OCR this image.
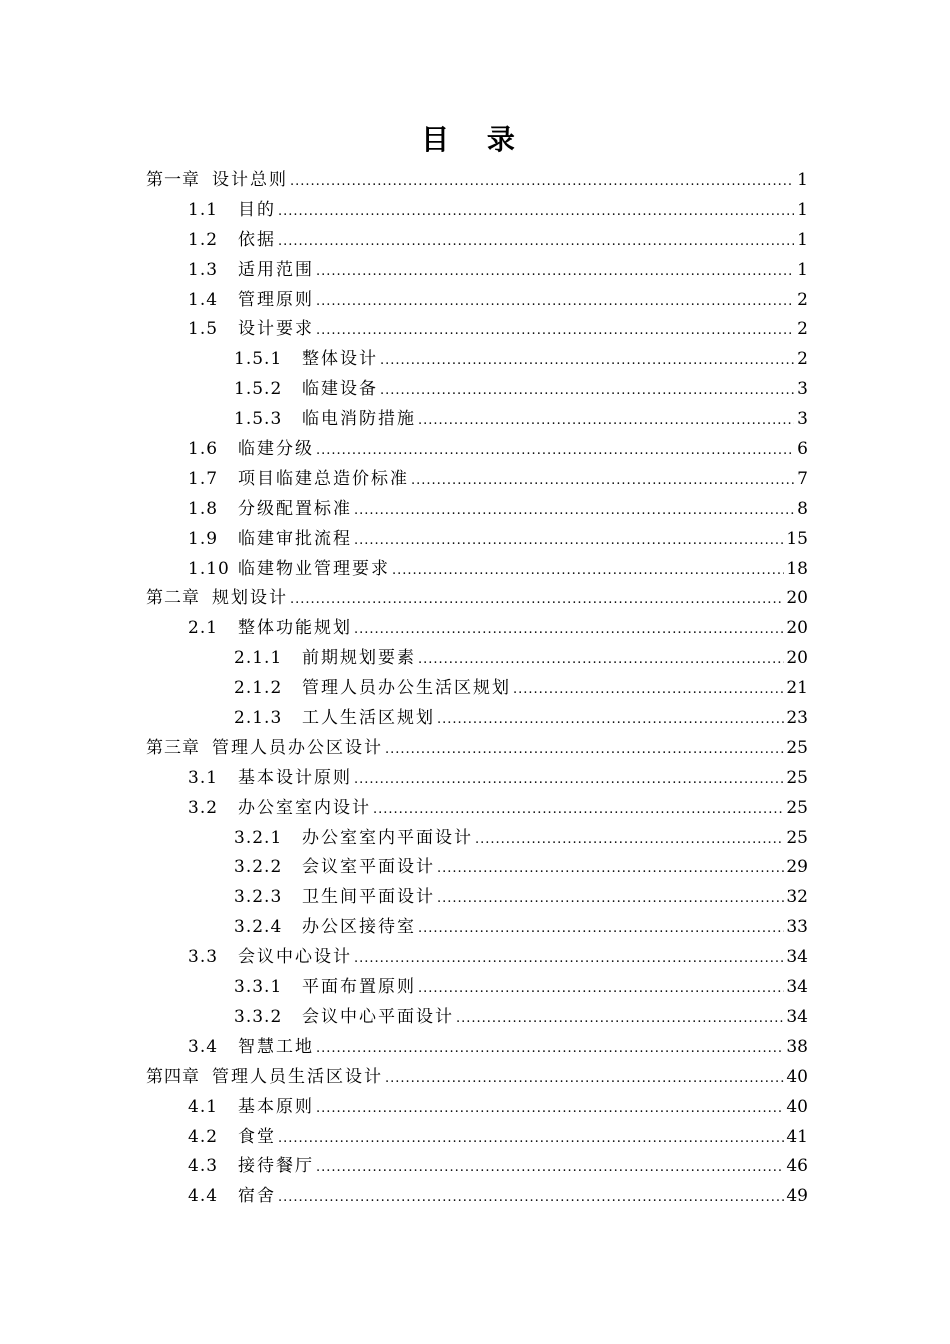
目 录
第一章 设计总则 .....	1
1.1	目的 .....	1
1.2	依据 .....	1
1.3	适用范围 .....	1
1.4	管理原则 .....	2
1.5	设计要求 .....	2
1.5.1	整体设计 .....	2
1.5.2	临建设备 .....	3
1.5.3	临电消防措施 .....	3
1.6	临建分级 .....	6
1.7	项目临建总造价标准 .....	7
1.8	分级配置标准 .....	8
1.9	临建审批流程 .....	15
1.10 临建物业管理要求 .....	18
第二章 规划设计 .....	20
2.1	整体功能规划 .....	20
2.1.1	前期规划要素 .....	20
2.1.2	管理人员办公生活区规划 .....	21
2.1.3	工人生活区规划 .....	23
第三章 管理人员办公区设计 .....	25
3.1	基本设计原则 .....	25
3.2	办公室室内设计 .....	25
3.2.1	办公室室内平面设计 .....	25
3.2.2	会议室平面设计 .....	29
3.2.3	卫生间平面设计 .....	32
3.2.4	办公区接待室 .....	33
3.3	会议中心设计 .....	34
3.3.1	平面布置原则 .....	34
3.3.2	会议中心平面设计 .....	34
3.4	智慧工地 .....	38
第四章 管理人员生活区设计 .....	40
4.1	基本原则 .....	40
4.2	食堂 .....	41
4.3	接待餐厅 .....	46
4.4	宿舍 .....	49
